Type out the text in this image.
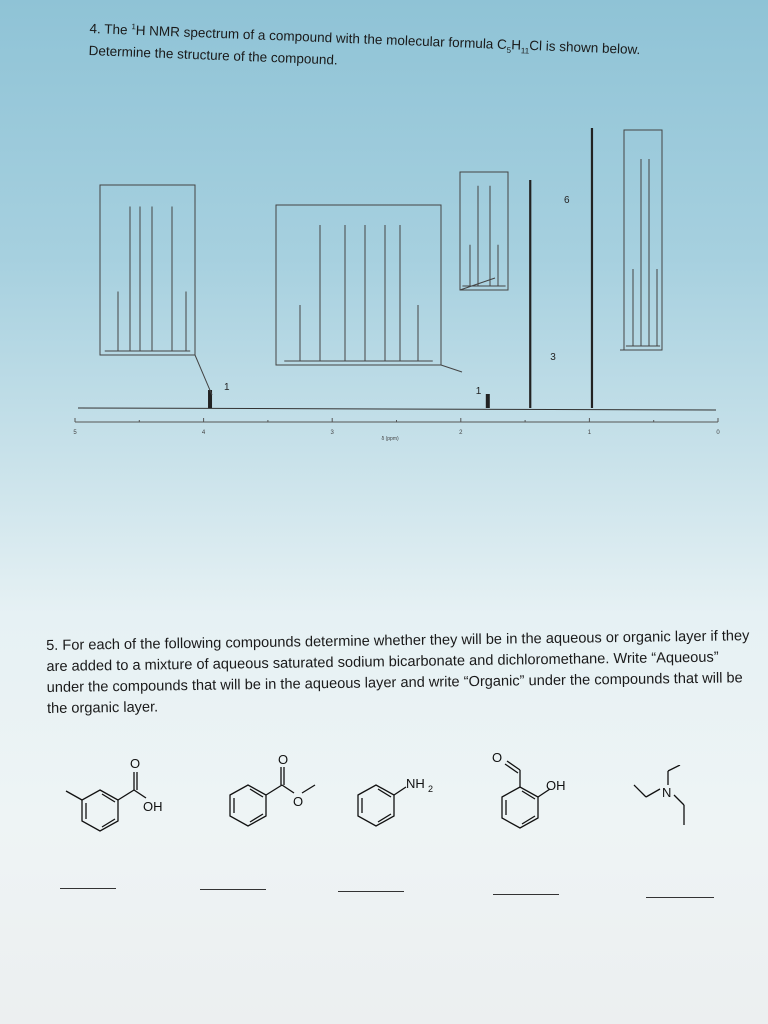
4. The $^1$H NMR spectrum of a compound with the molecular formula $C_5H_{11}Cl$ is shown below.
Determine the structure of the compound.
1	1
3
6
5	4	3	2	1	0
δ (ppm)
5. For each of the following compounds determine whether they will be in the aqueous or organic layer if they are added to a mixture of aqueous saturated sodium bicarbonate and dichloromethane. Write “Aqueous” under the compounds that will be in the aqueous layer and write “Organic” under the compounds that will be the organic layer.
O
OH
O
O
NH 2
O
OH	N
